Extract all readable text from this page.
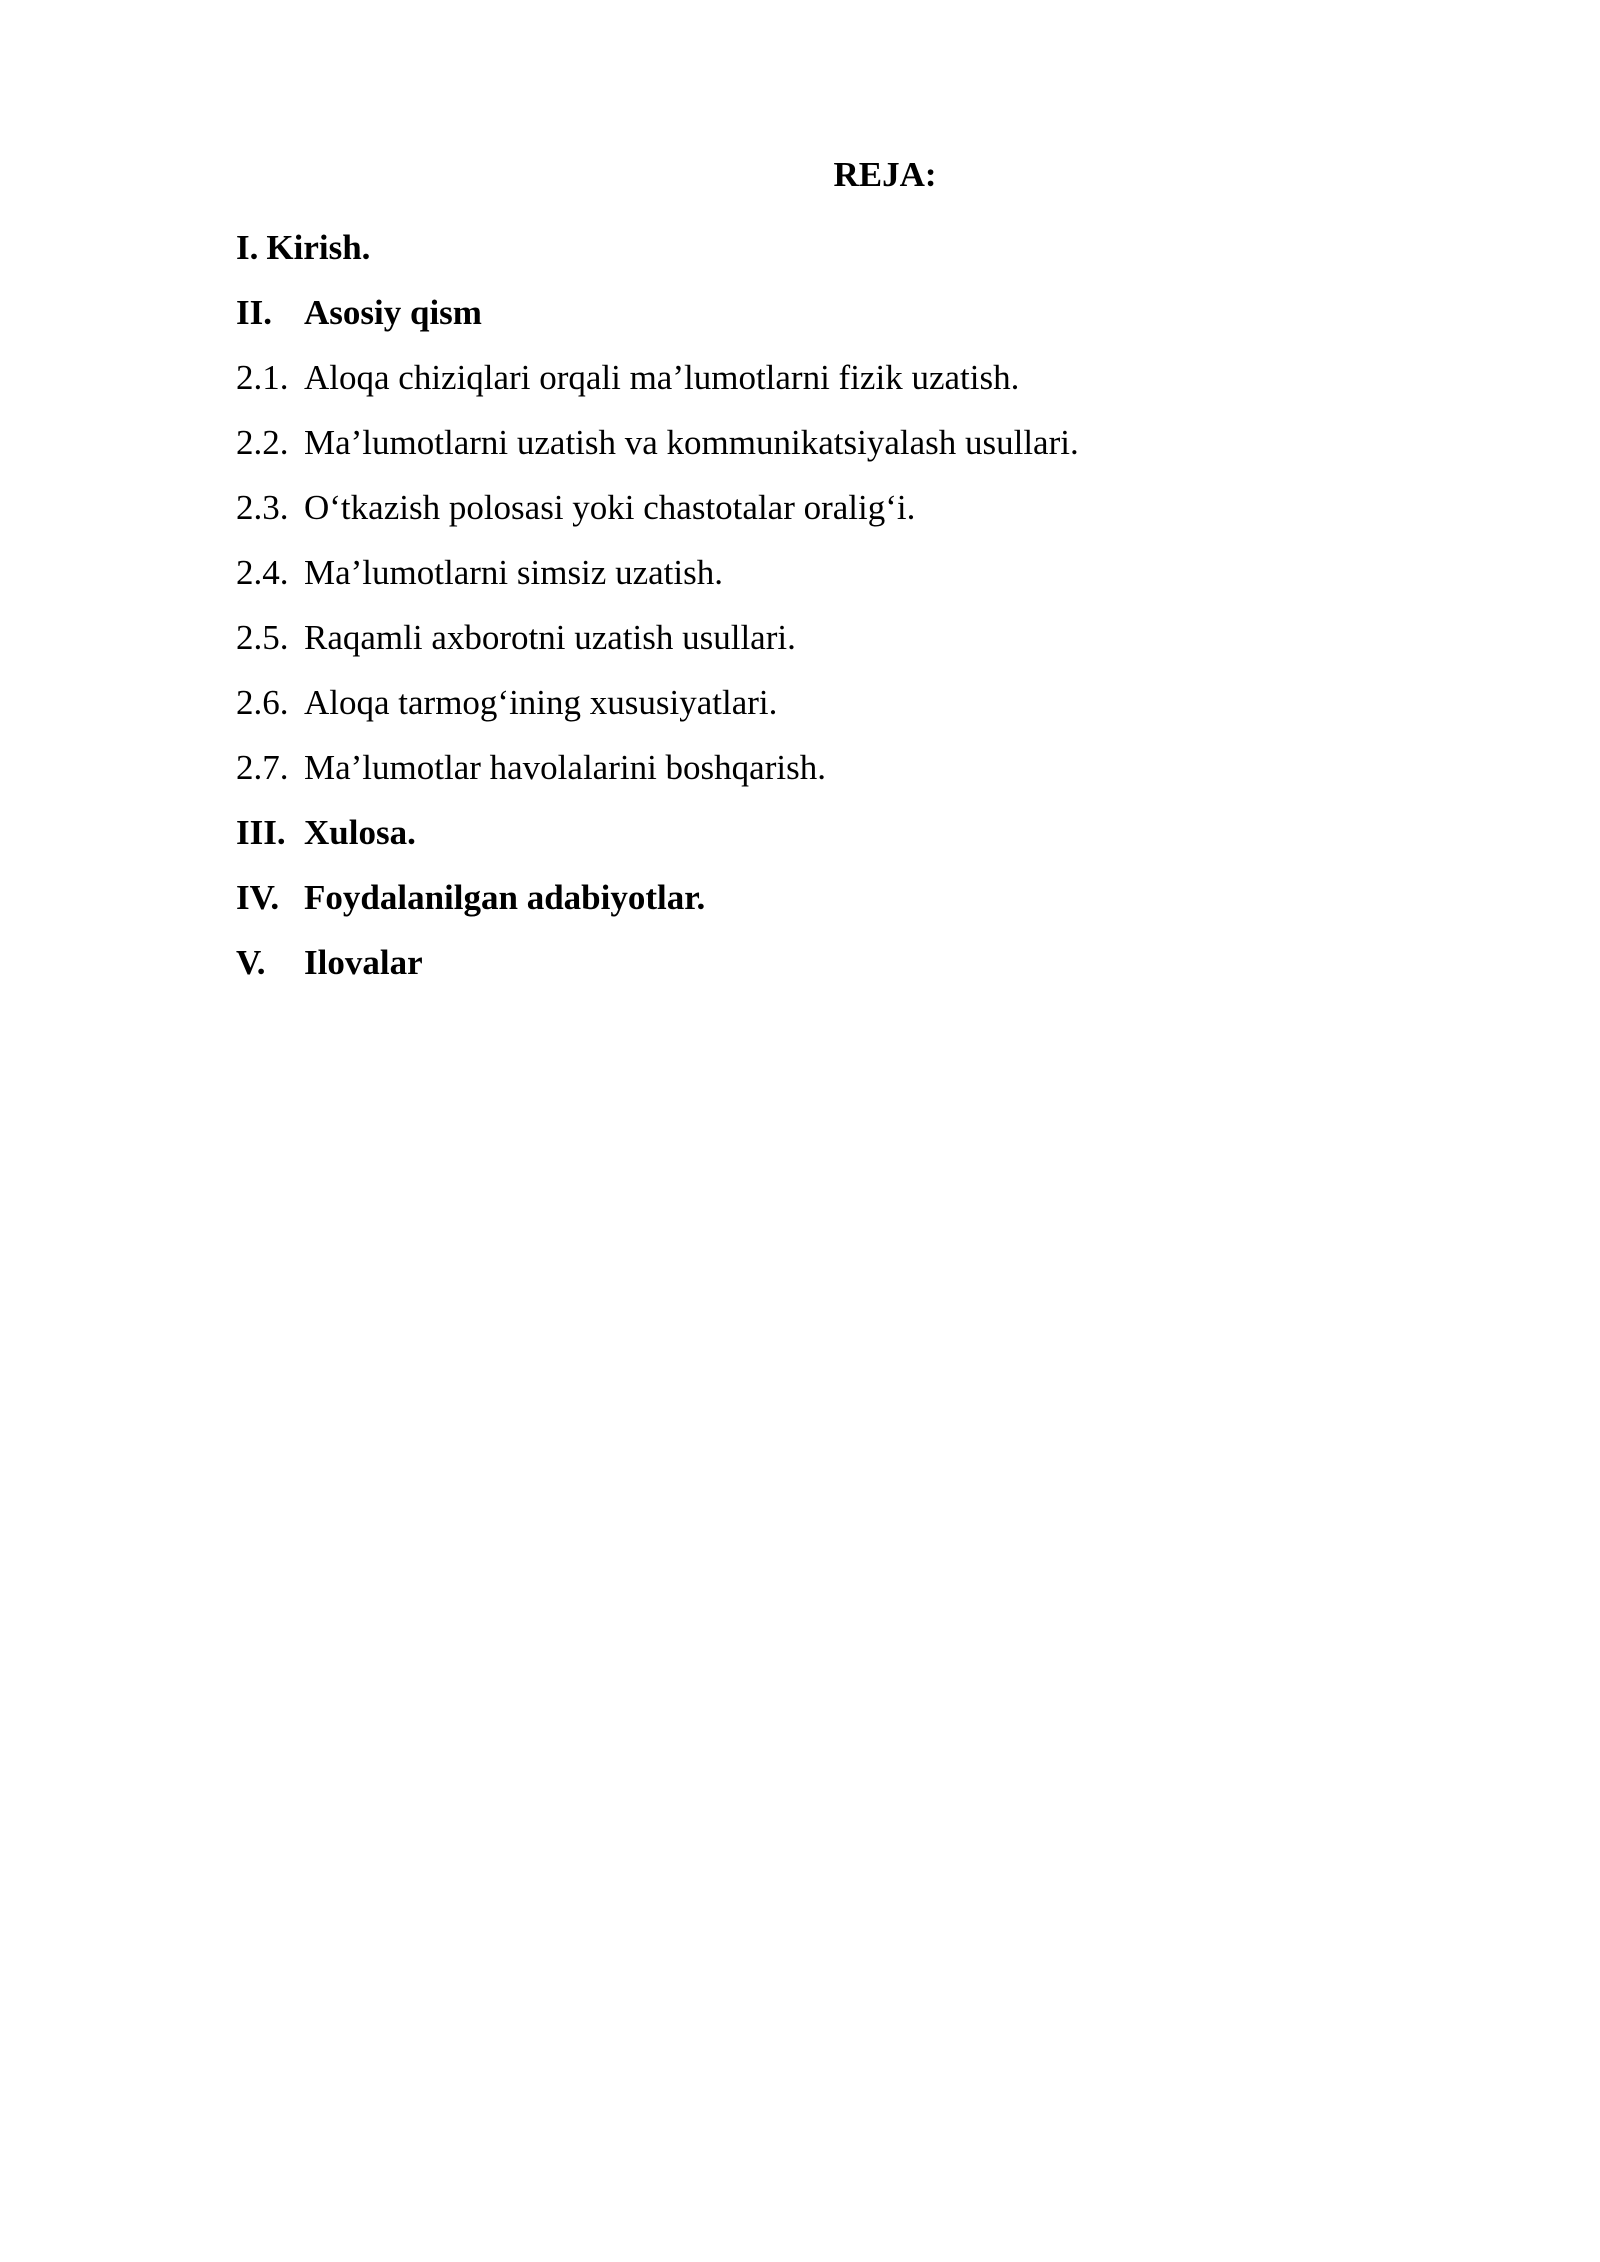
REJA:
I. Kirish.
II. Asosiy qism
2.1. Aloqa chiziqlari orqali ma’lumotlarni fizik uzatish.
2.2. Ma’lumotlarni uzatish va kommunikatsiyalash usullari.
2.3. O‘tkazish polosasi yoki chastotalar oralig‘i.
2.4. Ma’lumotlarni simsiz uzatish.
2.5. Raqamli axborotni uzatish usullari.
2.6. Aloqa tarmog‘ining xususiyatlari.
2.7. Ma’lumotlar havolalarini boshqarish.
III. Xulosa.
IV. Foydalanilgan adabiyotlar.
V.	Ilovalar
